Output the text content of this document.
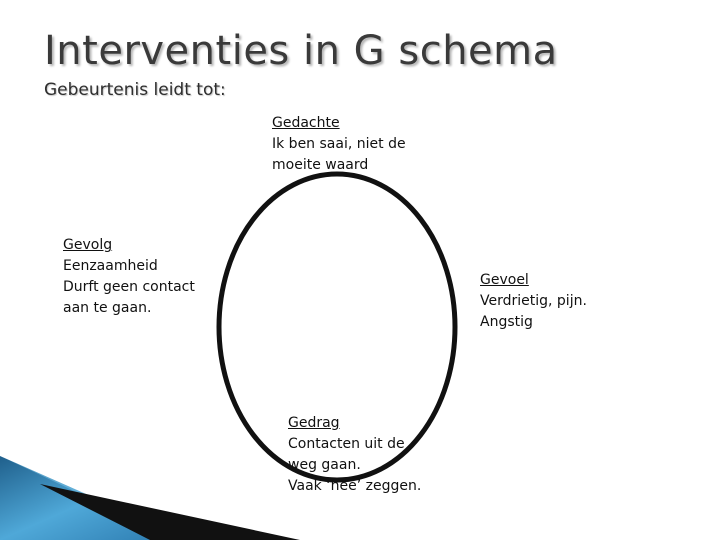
Interventies in G schema
Gebeurtenis leidt tot:
Gedachte
Ik ben saai, niet de
moeite waard
Gevolg
Eenzaamheid
Durft geen contact
aan te gaan.
Gevoel
Verdrietig, pijn.
Angstig
Gedrag
Contacten uit de
weg gaan.
Vaak ‘nee’ zeggen.
